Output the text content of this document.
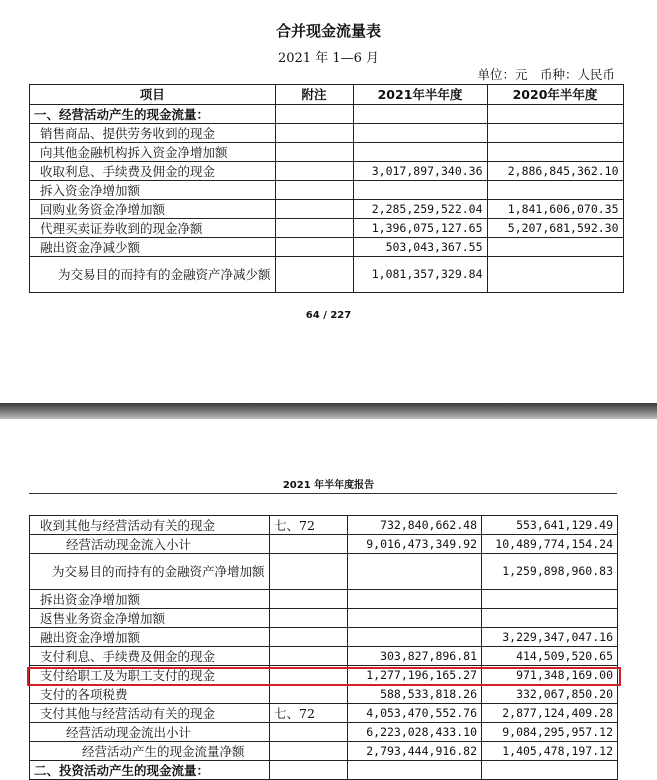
合并现金流量表
2021 年 1—6 月
单位：元　币种：人民币
项目	附注	2021年半年度	2020年半年度
一、经营活动产生的现金流量：			
销售商品、提供劳务收到的现金			
向其他金融机构拆入资金净增加额			
收取利息、手续费及佣金的现金		3,017,897,340.36	2,886,845,362.10
拆入资金净增加额			
回购业务资金净增加额		2,285,259,522.04	1,841,606,070.35
代理买卖证券收到的现金净额		1,396,075,127.65	5,207,681,592.30
融出资金净减少额		503,043,367.55	
为交易目的而持有的金融资产净减少额		1,081,357,329.84	
64 / 227
2021 年半年度报告
收到其他与经营活动有关的现金	七、72	732,840,662.48	553,641,129.49
经营活动现金流入小计		9,016,473,349.92	10,489,774,154.24
为交易目的而持有的金融资产净增加额			1,259,898,960.83
拆出资金净增加额			
返售业务资金净增加额			
融出资金净增加额			3,229,347,047.16
支付利息、手续费及佣金的现金		303,827,896.81	414,509,520.65
支付给职工及为职工支付的现金		1,277,196,165.27	971,348,169.00
支付的各项税费		588,533,818.26	332,067,850.20
支付其他与经营活动有关的现金	七、72	4,053,470,552.76	2,877,124,409.28
经营活动现金流出小计		6,223,028,433.10	9,084,295,957.12
经营活动产生的现金流量净额		2,793,444,916.82	1,405,478,197.12
二、投资活动产生的现金流量：			
